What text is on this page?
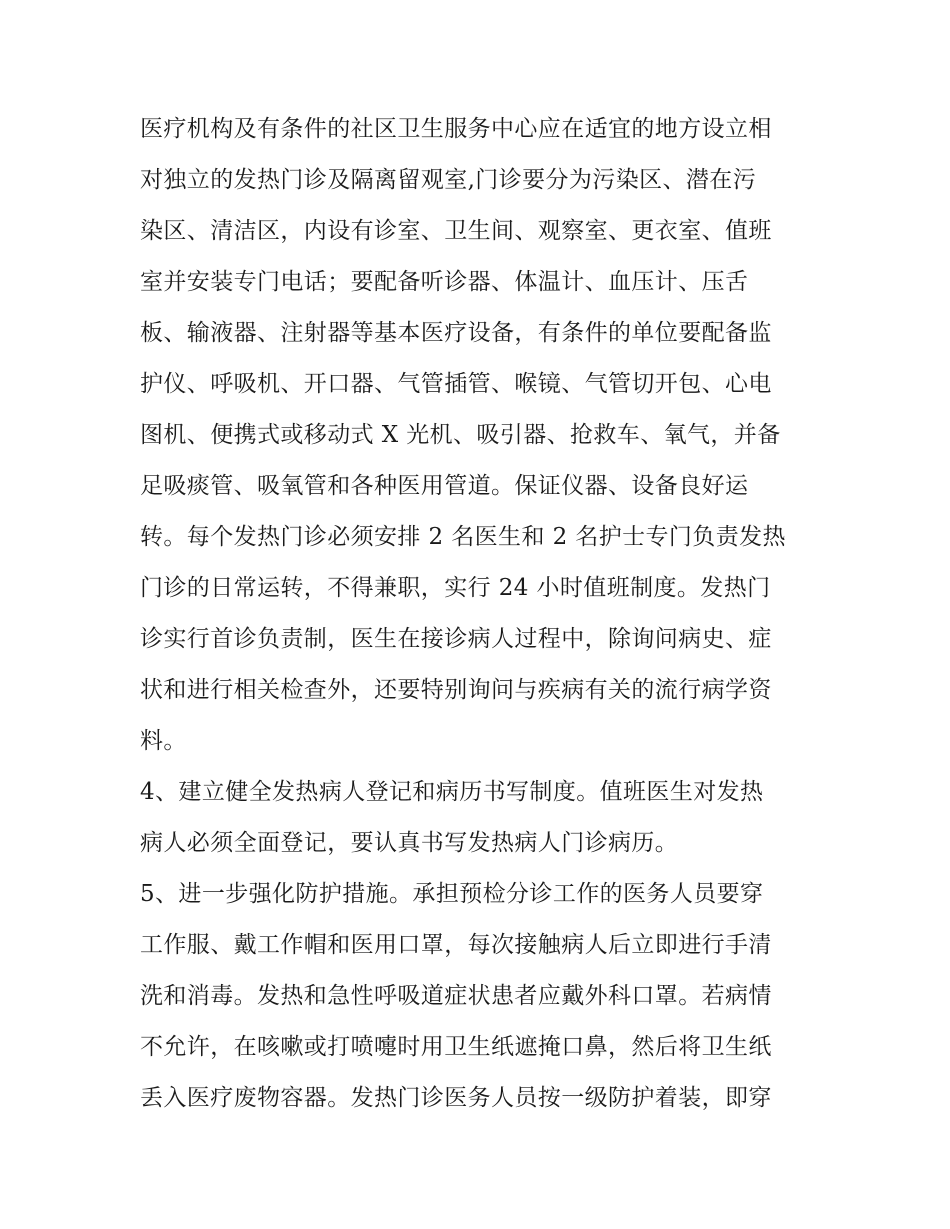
医疗机构及有条件的社区卫生服务中心应在适宜的地方设立相
对独立的发热门诊及隔离留观室,门诊要分为污染区、潜在污
染区、清洁区，内设有诊室、卫生间、观察室、更衣室、值班
室并安装专门电话；要配备听诊器、体温计、血压计、压舌
板、输液器、注射器等基本医疗设备，有条件的单位要配备监
护仪、呼吸机、开口器、气管插管、喉镜、气管切开包、心电
图机、便携式或移动式 X 光机、吸引器、抢救车、氧气，并备
足吸痰管、吸氧管和各种医用管道。保证仪器、设备良好运
转。每个发热门诊必须安排 2 名医生和 2 名护士专门负责发热
门诊的日常运转，不得兼职，实行 24 小时值班制度。发热门
诊实行首诊负责制，医生在接诊病人过程中，除询问病史、症
状和进行相关检查外，还要特别询问与疾病有关的流行病学资
料。
4、建立健全发热病人登记和病历书写制度。值班医生对发热
病人必须全面登记，要认真书写发热病人门诊病历。
5、进一步强化防护措施。承担预检分诊工作的医务人员要穿
工作服、戴工作帽和医用口罩，每次接触病人后立即进行手清
洗和消毒。发热和急性呼吸道症状患者应戴外科口罩。若病情
不允许，在咳嗽或打喷嚏时用卫生纸遮掩口鼻，然后将卫生纸
丢入医疗废物容器。发热门诊医务人员按一级防护着装，即穿
